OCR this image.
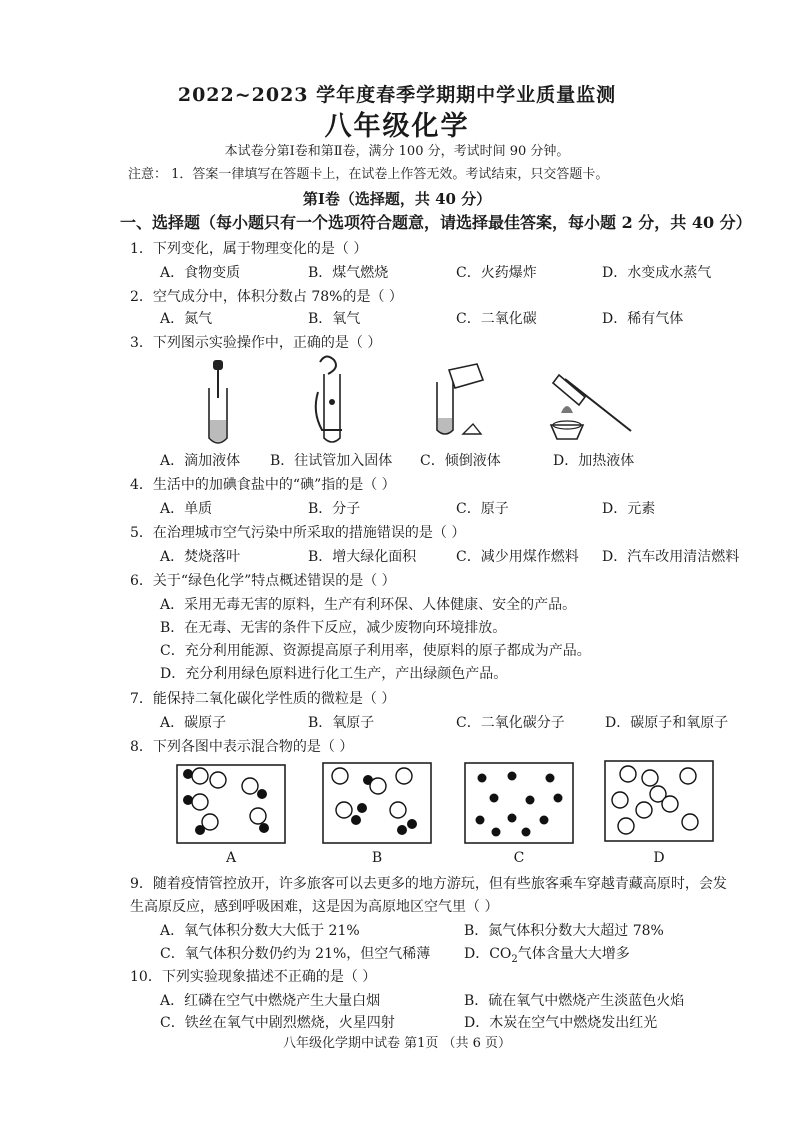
2022~2023 学年度春季学期期中学业质量监测
八年级化学
本试卷分第Ⅰ卷和第Ⅱ卷，满分 100 分，考试时间 90 分钟。
注意： 1．答案一律填写在答题卡上，在试卷上作答无效。考试结束，只交答题卡。
第Ⅰ卷（选择题，共 40 分）
一、选择题（每小题只有一个选项符合题意，请选择最佳答案，每小题 2 分，共 40 分）
1．下列变化，属于物理变化的是（ ）
A．食物变质	B．煤气燃烧	C．火药爆炸	D．水变成水蒸气
2．空气成分中，体积分数占 78%的是（ ）
A．氮气	B．氧气	C．二氧化碳	D．稀有气体
3．下列图示实验操作中，正确的是（ ）
A．滴加液体 B．往试管加入固体 C．倾倒液体	D．加热液体
4．生活中的加碘食盐中的“碘”指的是（ ）
A．单质	B．分子	C．原子	D．元素
5．在治理城市空气污染中所采取的措施错误的是（ ）
A．焚烧落叶	B．增大绿化面积	C．减少用煤作燃料 D．汽车改用清洁燃料
6．关于“绿色化学”特点概述错误的是（ ）
A．采用无毒无害的原料，生产有利环保、人体健康、安全的产品。
B．在无毒、无害的条件下反应，减少废物向环境排放。
C．充分利用能源、资源提高原子利用率，使原料的原子都成为产品。
D．充分利用绿色原料进行化工生产，产出绿颜色产品。
7．能保持二氧化碳化学性质的微粒是（ ）
A．碳原子	B．氧原子	C．二氧化碳分子	D．碳原子和氧原子
8．下列各图中表示混合物的是（ ）
A	B	C	D
9．随着疫情管控放开，许多旅客可以去更多的地方游玩，但有些旅客乘车穿越青藏高原时，会发
生高原反应，感到呼吸困难，这是因为高原地区空气里（ ）
A．氧气体积分数大大低于 21%	B．氮气体积分数大大超过 78%
C．氧气体积分数仍约为 21%，但空气稀薄 D．$CO_2$气体含量大大增多
10．下列实验现象描述不正确的是（ ）
A．红磷在空气中燃烧产生大量白烟	B．硫在氧气中燃烧产生淡蓝色火焰
C．铁丝在氧气中剧烈燃烧，火星四射	D．木炭在空气中燃烧发出红光
八年级化学期中试卷 第1页 （共 6 页）
